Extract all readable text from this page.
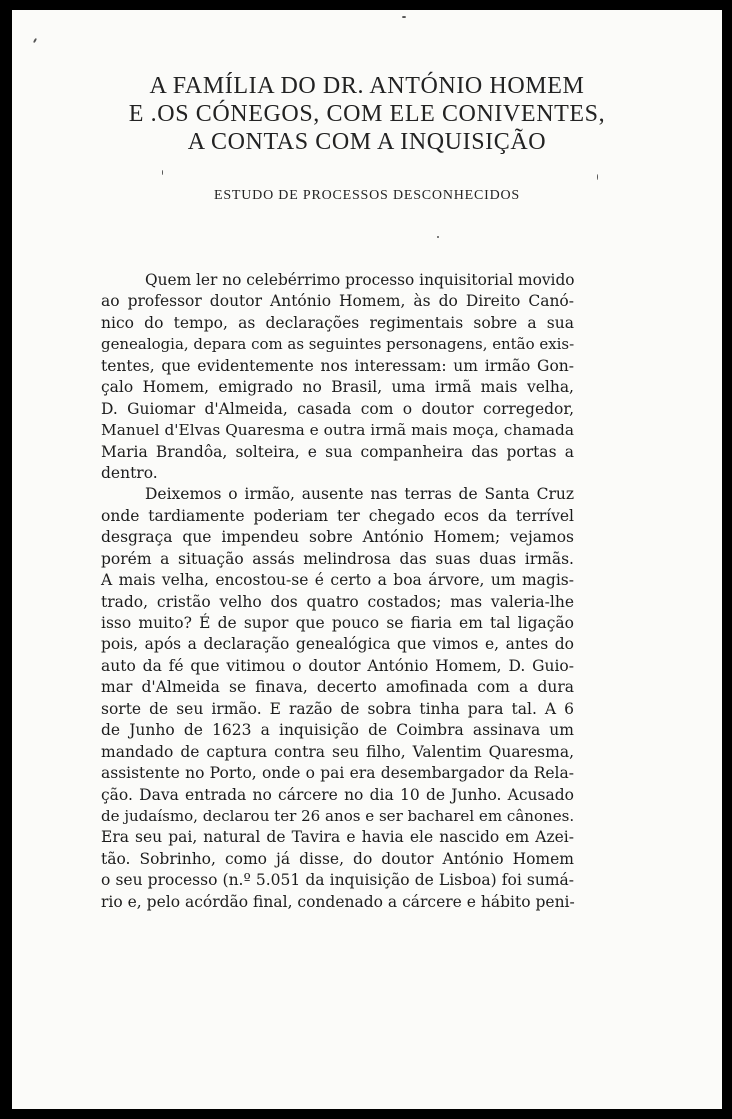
A FAMÍLIA DO DR. ANTÓNIO HOMEM
E .OS CÓNEGOS, COM ELE CONIVENTES,
A CONTAS COM A INQUISIÇÃO
ESTUDO DE PROCESSOS DESCONHECIDOS
Quem ler no celebérrimo processo inquisitorial movido
ao professor doutor António Homem, às do Direito Canó-
nico do tempo, as declarações regimentais sobre a sua
genealogia, depara com as seguintes personagens, então exis-
tentes, que evidentemente nos interessam: um irmão Gon-
çalo Homem, emigrado no Brasil, uma irmã mais velha,
D. Guiomar d'Almeida, casada com o doutor corregedor,
Manuel d'Elvas Quaresma e outra irmã mais moça, chamada
Maria Brandôa, solteira, e sua companheira das portas a
dentro.
Deixemos o irmão, ausente nas terras de Santa Cruz
onde tardiamente poderiam ter chegado ecos da terrível
desgraça que impendeu sobre António Homem; vejamos
porém a situação assás melindrosa das suas duas irmãs.
A mais velha, encostou-se é certo a boa árvore, um magis-
trado, cristão velho dos quatro costados; mas valeria-lhe
isso muito? É de supor que pouco se fiaria em tal ligação
pois, após a declaração genealógica que vimos e, antes do
auto da fé que vitimou o doutor António Homem, D. Guio-
mar d'Almeida se finava, decerto amofinada com a dura
sorte de seu irmão. E razão de sobra tinha para tal. A 6
de Junho de 1623 a inquisição de Coimbra assinava um
mandado de captura contra seu filho, Valentim Quaresma,
assistente no Porto, onde o pai era desembargador da Rela-
ção. Dava entrada no cárcere no dia 10 de Junho. Acusado
de judaísmo, declarou ter 26 anos e ser bacharel em cânones.
Era seu pai, natural de Tavira e havia ele nascido em Azei-
tão. Sobrinho, como já disse, do doutor António Homem
o seu processo (n.º 5.051 da inquisição de Lisboa) foi sumá-
rio e, pelo acórdão final, condenado a cárcere e hábito peni-
